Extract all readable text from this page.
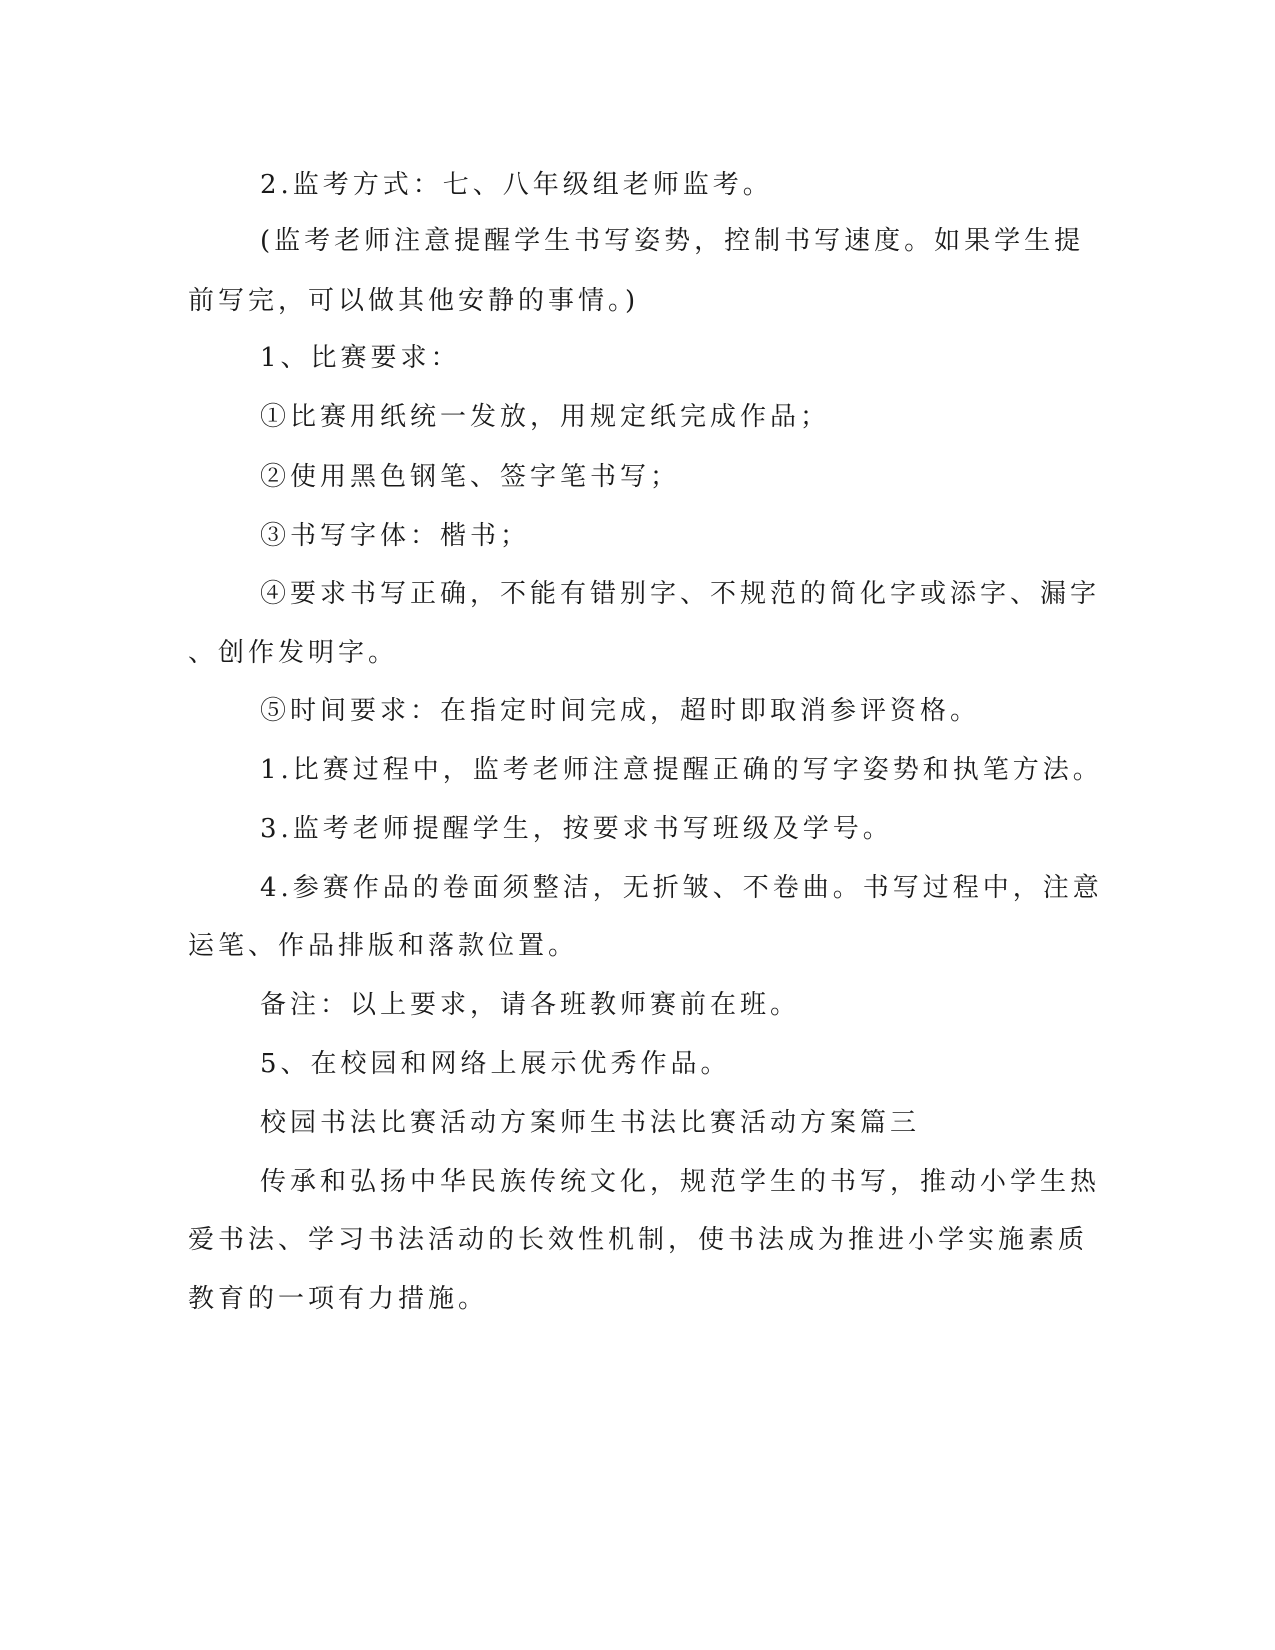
2.监考方式：七、八年级组老师监考。
(监考老师注意提醒学生书写姿势，控制书写速度。如果学生提
前写完，可以做其他安静的事情。)
1、比赛要求：
①比赛用纸统一发放，用规定纸完成作品；
②使用黑色钢笔、签字笔书写；
③书写字体：楷书；
④要求书写正确，不能有错别字、不规范的简化字或添字、漏字
、创作发明字。
⑤时间要求：在指定时间完成，超时即取消参评资格。
1.比赛过程中，监考老师注意提醒正确的写字姿势和执笔方法。
3.监考老师提醒学生，按要求书写班级及学号。
4.参赛作品的卷面须整洁，无折皱、不卷曲。书写过程中，注意
运笔、作品排版和落款位置。
备注：以上要求，请各班教师赛前在班。
5、在校园和网络上展示优秀作品。
校园书法比赛活动方案师生书法比赛活动方案篇三
传承和弘扬中华民族传统文化，规范学生的书写，推动小学生热
爱书法、学习书法活动的长效性机制，使书法成为推进小学实施素质
教育的一项有力措施。
